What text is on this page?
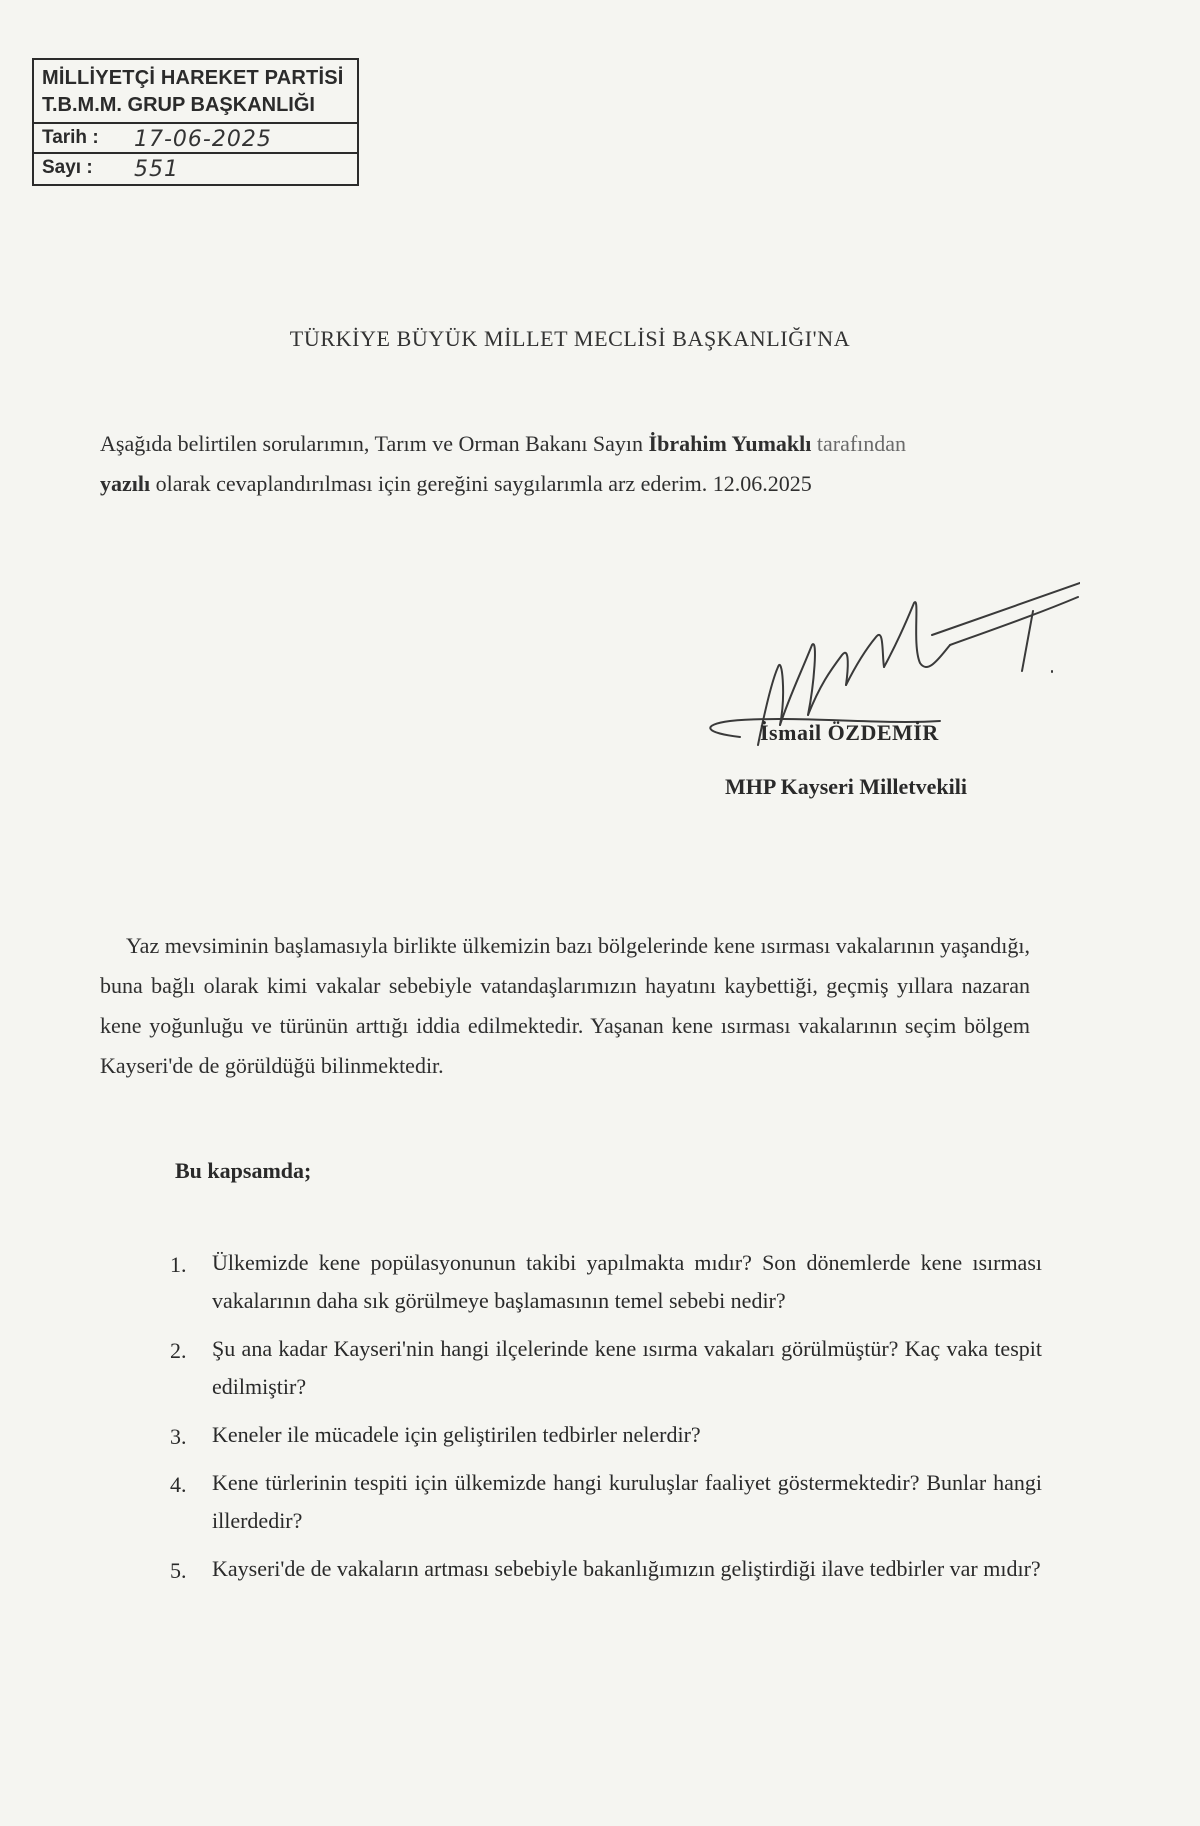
MİLLİYETÇİ HAREKET PARTİSİ
T.B.M.M. GRUP BAŞKANLIĞI
Tarih : 17-06-2025
Sayı : 551
TÜRKİYE BÜYÜK MİLLET MECLİSİ BAŞKANLIĞI'NA
Aşağıda belirtilen sorularımın, Tarım ve Orman Bakanı Sayın İbrahim Yumaklı tarafından
yazılı olarak cevaplandırılması için gereğini saygılarımla arz ederim. 12.06.2025
İsmail ÖZDEMİR
MHP Kayseri Milletvekili
Yaz mevsiminin başlamasıyla birlikte ülkemizin bazı bölgelerinde kene ısırması vakalarının yaşandığı, buna bağlı olarak kimi vakalar sebebiyle vatandaşlarımızın hayatını kaybettiği, geçmiş yıllara nazaran kene yoğunluğu ve türünün arttığı iddia edilmektedir. Yaşanan kene ısırması vakalarının seçim bölgem Kayseri'de de görüldüğü bilinmektedir.
Bu kapsamda;
1. Ülkemizde kene popülasyonunun takibi yapılmakta mıdır? Son dönemlerde kene ısırması vakalarının daha sık görülmeye başlamasının temel sebebi nedir?
2. Şu ana kadar Kayseri'nin hangi ilçelerinde kene ısırma vakaları görülmüştür? Kaç vaka tespit edilmiştir?
3. Keneler ile mücadele için geliştirilen tedbirler nelerdir?
4. Kene türlerinin tespiti için ülkemizde hangi kuruluşlar faaliyet göstermektedir? Bunlar hangi illerdedir?
5. Kayseri'de de vakaların artması sebebiyle bakanlığımızın geliştirdiği ilave tedbirler var mıdır?
